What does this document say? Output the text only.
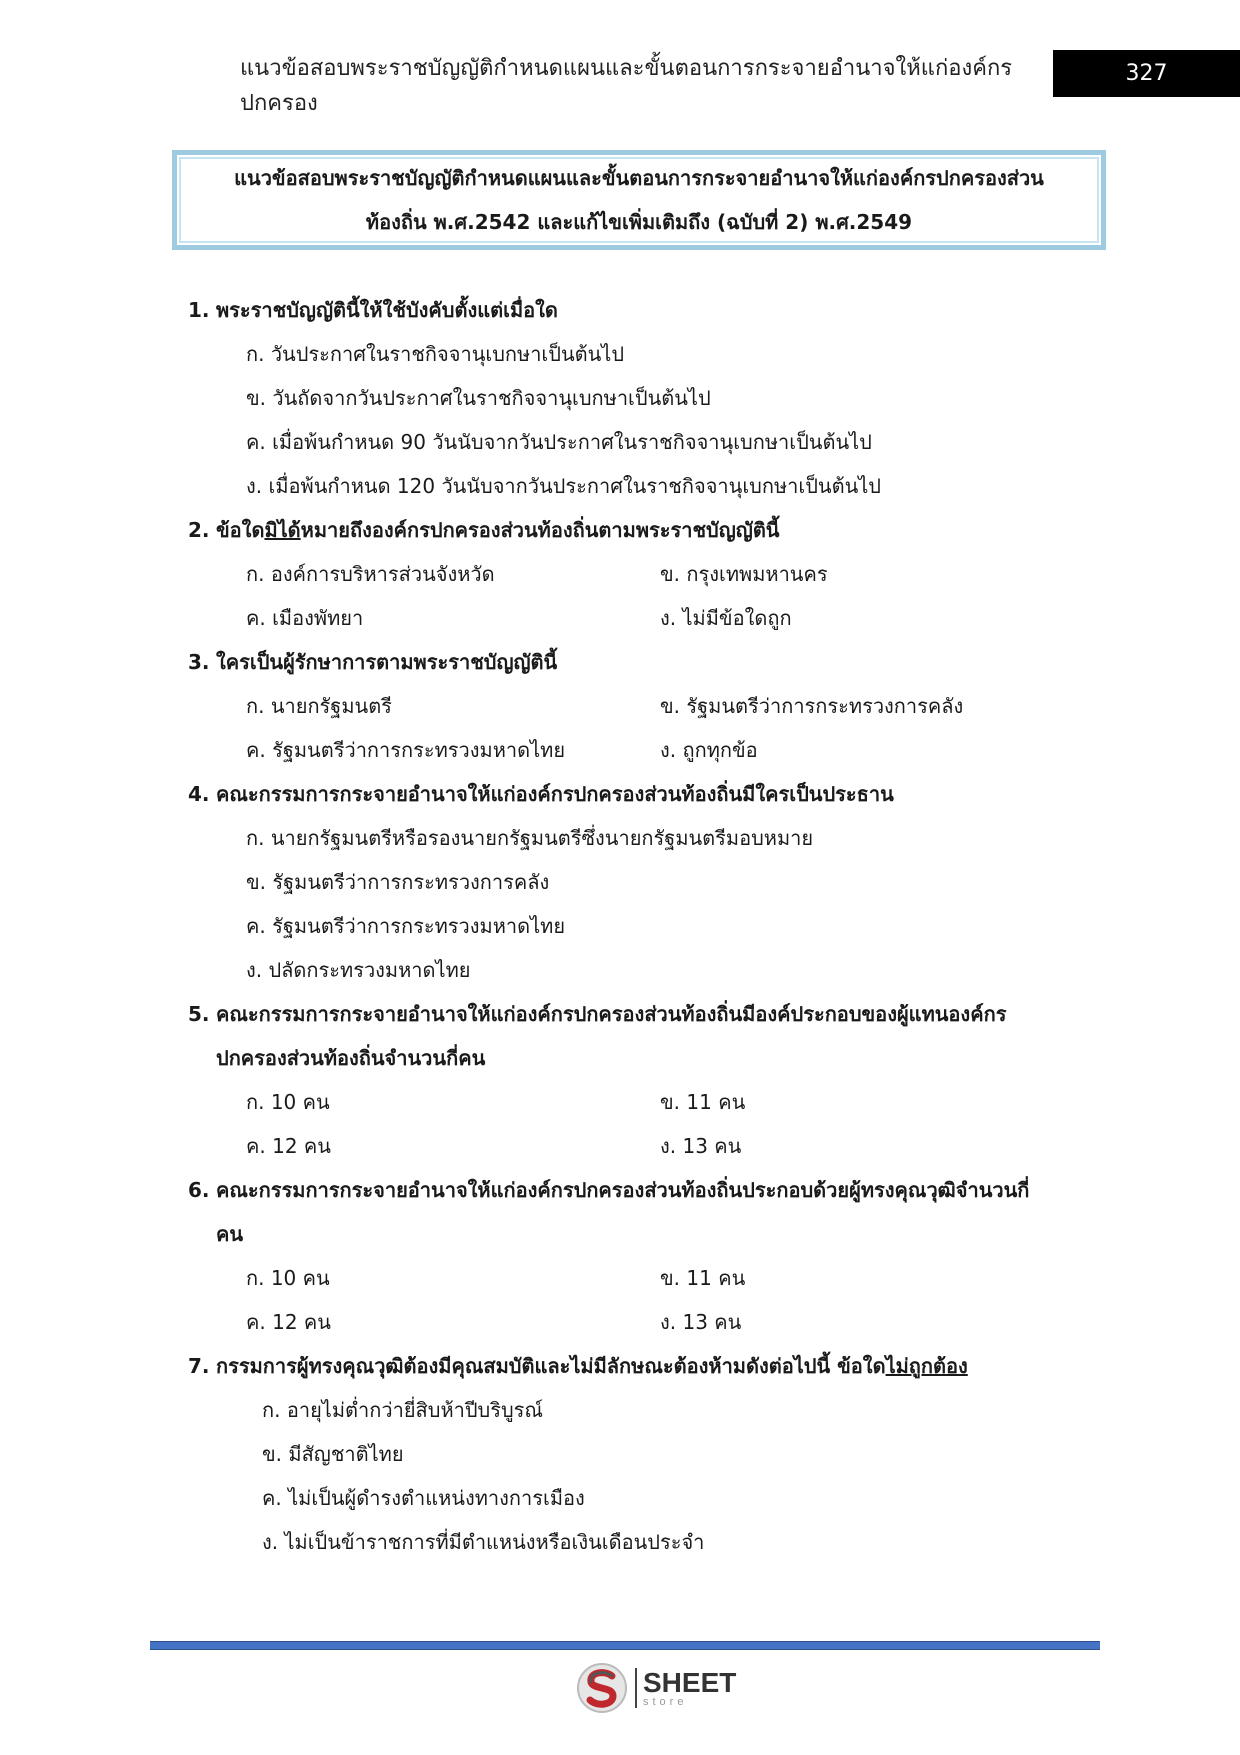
แนวข้อสอบพระราชบัญญัติกำหนดแผนและขั้นตอนการกระจายอำนาจให้แก่องค์กรปกครอง
327
แนวข้อสอบพระราชบัญญัติกำหนดแผนและขั้นตอนการกระจายอำนาจให้แก่องค์กรปกครองส่วน
ท้องถิ่น พ.ศ.2542 และแก้ไขเพิ่มเติมถึง (ฉบับที่ 2) พ.ศ.2549
1. พระราชบัญญัตินี้ให้ใช้บังคับตั้งแต่เมื่อใด
ก. วันประกาศในราชกิจจานุเบกษาเป็นต้นไป
ข. วันถัดจากวันประกาศในราชกิจจานุเบกษาเป็นต้นไป
ค. เมื่อพ้นกำหนด 90 วันนับจากวันประกาศในราชกิจจานุเบกษาเป็นต้นไป
ง. เมื่อพ้นกำหนด 120 วันนับจากวันประกาศในราชกิจจานุเบกษาเป็นต้นไป
2. ข้อใดมิได้หมายถึงองค์กรปกครองส่วนท้องถิ่นตามพระราชบัญญัตินี้
ก. องค์การบริหารส่วนจังหวัด	ข. กรุงเทพมหานคร
ค. เมืองพัทยา	ง. ไม่มีข้อใดถูก
3. ใครเป็นผู้รักษาการตามพระราชบัญญัตินี้
ก. นายกรัฐมนตรี	ข. รัฐมนตรีว่าการกระทรวงการคลัง
ค. รัฐมนตรีว่าการกระทรวงมหาดไทย	ง. ถูกทุกข้อ
4. คณะกรรมการกระจายอำนาจให้แก่องค์กรปกครองส่วนท้องถิ่นมีใครเป็นประธาน
ก. นายกรัฐมนตรีหรือรองนายกรัฐมนตรีซึ่งนายกรัฐมนตรีมอบหมาย
ข. รัฐมนตรีว่าการกระทรวงการคลัง
ค. รัฐมนตรีว่าการกระทรวงมหาดไทย
ง. ปลัดกระทรวงมหาดไทย
5. คณะกรรมการกระจายอำนาจให้แก่องค์กรปกครองส่วนท้องถิ่นมีองค์ประกอบของผู้แทนองค์กร
ปกครองส่วนท้องถิ่นจำนวนกี่คน
ก. 10 คน	ข. 11 คน
ค. 12 คน	ง. 13 คน
6. คณะกรรมการกระจายอำนาจให้แก่องค์กรปกครองส่วนท้องถิ่นประกอบด้วยผู้ทรงคุณวุฒิจำนวนกี่
คน
ก. 10 คน	ข. 11 คน
ค. 12 คน	ง. 13 คน
7. กรรมการผู้ทรงคุณวุฒิต้องมีคุณสมบัติและไม่มีลักษณะต้องห้ามดังต่อไปนี้ ข้อใดไม่ถูกต้อง
ก. อายุไม่ต่ำกว่ายี่สิบห้าปีบริบูรณ์
ข. มีสัญชาติไทย
ค. ไม่เป็นผู้ดำรงตำแหน่งทางการเมือง
ง. ไม่เป็นข้าราชการที่มีตำแหน่งหรือเงินเดือนประจำ
SHEET
store
